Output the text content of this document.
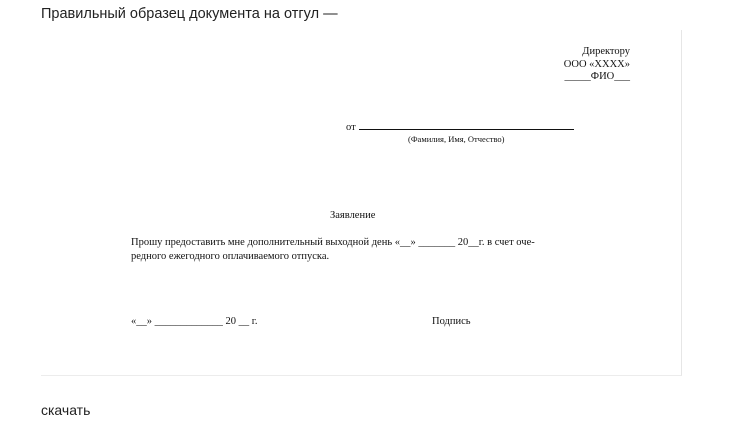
Правильный образец документа на отгул —
Директору
ООО «ХХХХ»
_____ФИО___
от
(Фамилия, Имя, Отчество)
Заявление
Прошу предоставить мне дополнительный выходной день «__» _______ 20__г. в счет оче-
редного ежегодного оплачиваемого отпуска.
«__» _____________ 20 __ г.	Подпись
скачать
